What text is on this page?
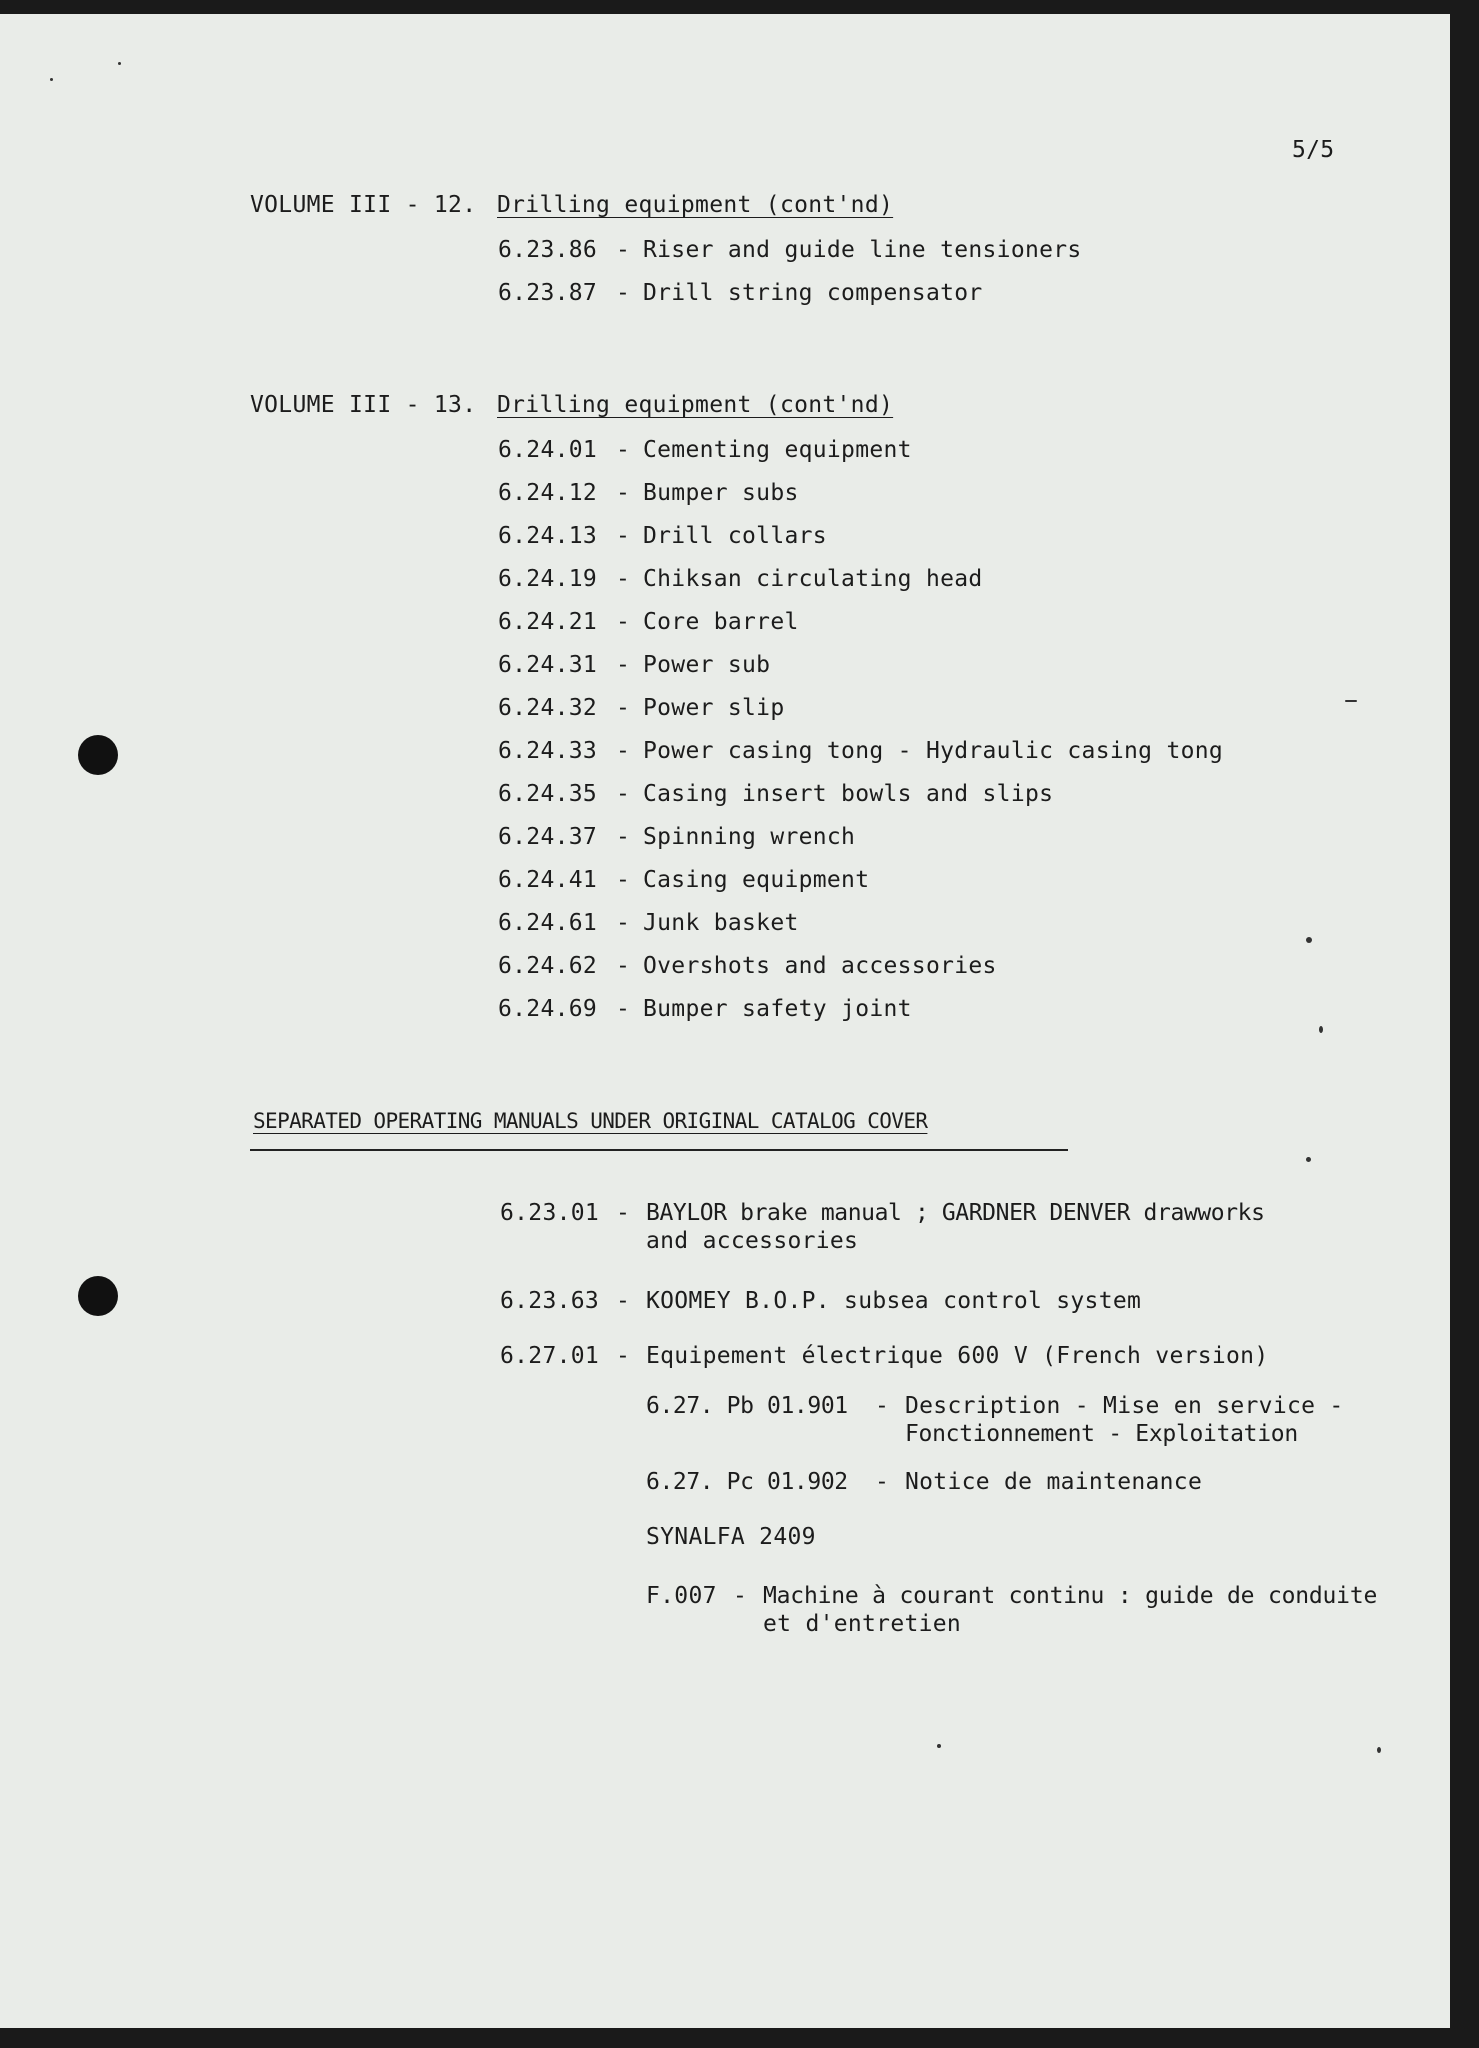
5/5
VOLUME III - 12. Drilling equipment (cont'nd)
6.23.86 - Riser and guide line tensioners
6.23.87 - Drill string compensator
VOLUME III - 13. Drilling equipment (cont'nd)
6.24.01 - Cementing equipment
6.24.12 - Bumper subs
6.24.13 - Drill collars
6.24.19 - Chiksan circulating head
6.24.21 - Core barrel
6.24.31 - Power sub
6.24.32 - Power slip
6.24.33 - Power casing tong - Hydraulic casing tong
6.24.35 - Casing insert bowls and slips
6.24.37 - Spinning wrench
6.24.41 - Casing equipment
6.24.61 - Junk basket
6.24.62 - Overshots and accessories
6.24.69 - Bumper safety joint
SEPARATED OPERATING MANUALS UNDER ORIGINAL CATALOG COVER
6.23.01 - BAYLOR brake manual ; GARDNER DENVER drawworks
and accessories
6.23.63 - KOOMEY B.O.P. subsea control system
6.27.01 - Equipement électrique 600 V (French version)
6.27. Pb 01.901 - Description - Mise en service -
Fonctionnement - Exploitation
6.27. Pc 01.902 - Notice de maintenance
SYNALFA 2409
F.007 - Machine à courant continu : guide de conduite
et d'entretien
